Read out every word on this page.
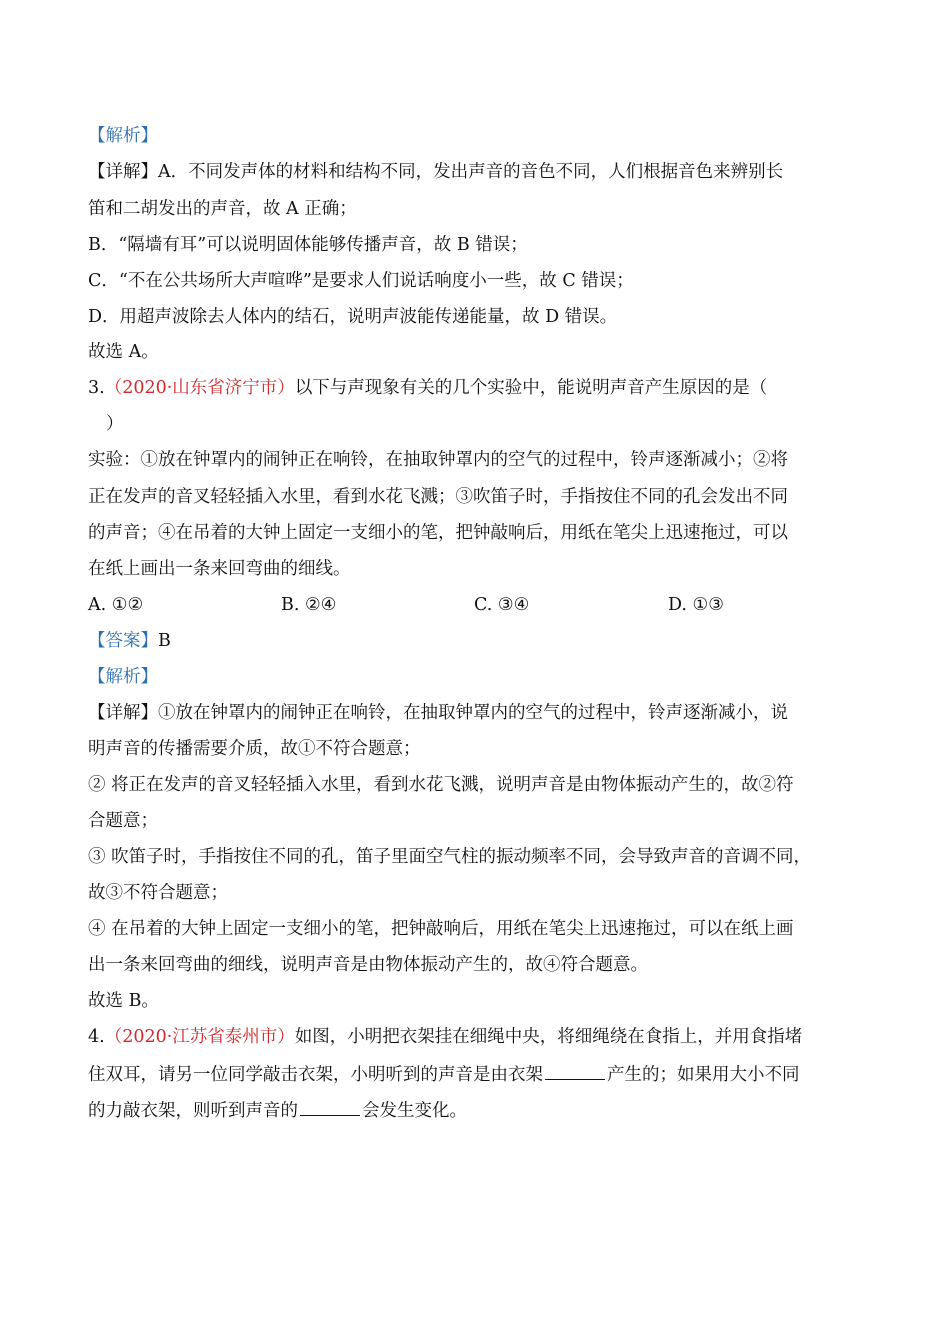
【解析】
【详解】A．不同发声体的材料和结构不同，发出声音的音色不同，人们根据音色来辨别长
笛和二胡发出的声音，故 A 正确；
B．“隔墙有耳”可以说明固体能够传播声音，故 B 错误；
C．“不在公共场所大声喧哗”是要求人们说话响度小一些，故 C 错误；
D．用超声波除去人体内的结石，说明声波能传递能量，故 D 错误。
故选 A。
3.（2020·山东省济宁市）以下与声现象有关的几个实验中，能说明声音产生原因的是（
）
实验：①放在钟罩内的闹钟正在响铃，在抽取钟罩内的空气的过程中，铃声逐渐减小；②将
正在发声的音叉轻轻插入水里，看到水花飞溅；③吹笛子时，手指按住不同的孔会发出不同
的声音；④在吊着的大钟上固定一支细小的笔，把钟敲响后，用纸在笔尖上迅速拖过，可以
在纸上画出一条来回弯曲的细线。
A. ①②	B. ②④	C. ③④	D. ①③
【答案】B
【解析】
【详解】①放在钟罩内的闹钟正在响铃，在抽取钟罩内的空气的过程中，铃声逐渐减小，说
明声音的传播需要介质，故①不符合题意；
② 将正在发声的音叉轻轻插入水里，看到水花飞溅，说明声音是由物体振动产生的，故②符
合题意；
③ 吹笛子时，手指按住不同的孔，笛子里面空气柱的振动频率不同，会导致声音的音调不同，
故③不符合题意；
④ 在吊着的大钟上固定一支细小的笔，把钟敲响后，用纸在笔尖上迅速拖过，可以在纸上画
出一条来回弯曲的细线，说明声音是由物体振动产生的，故④符合题意。
故选 B。
4.（2020·江苏省泰州市）如图，小明把衣架挂在细绳中央，将细绳绕在食指上，并用食指堵
住双耳，请另一位同学敲击衣架，小明听到的声音是由衣架	产生的；如果用大小不同
的力敲衣架，则听到声音的	会发生变化。
